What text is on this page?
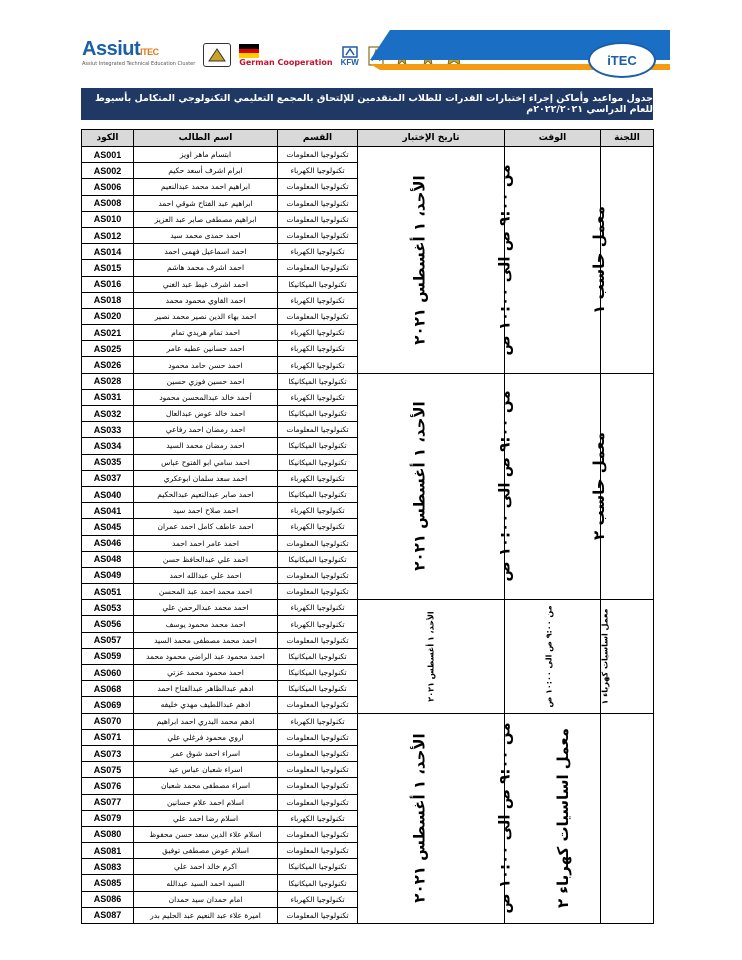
AssiutITEC
Assiut Integrated Technical Education Cluster	German Cooperation KFW	iTEC
جدول مواعيد وأماكن إجراء إختبارات القدرات للطلاب المتقدمين للإلتحاق بالمجمع التعليمي التكنولوجي المتكامل بأسيوط للعام الدراسي ٢٠٢٢/٢٠٢١م
الكود	اسم الطالب	القسم	تاريخ الإختبار	الوقت	اللجنة
AS001	ابتسام ماهر اويز	تكنولوجيا المعلومات	الأحد، ١ أغسطس ٢٠٢١	من ٩:٠٠ ص الى ١٠:٠٠ ص	معمل حاسب ١
AS002	ابرام اشرف أسعد حكيم	تكنولوجيا الكهرباء			
AS006	ابراهيم احمد محمد عبدالنعيم	تكنولوجيا المعلومات			
AS008	ابراهيم عبد الفتاح شوقي احمد	تكنولوجيا المعلومات			
AS010	ابراهيم مصطفى صابر عبد العزيز	تكنولوجيا المعلومات			
AS012	احمد حمدى محمد سيد	تكنولوجيا المعلومات			
AS014	احمد اسماعيل فهمى احمد	تكنولوجيا الكهرباء			
AS015	احمد اشرف محمد هاشم	تكنولوجيا المعلومات			
AS016	احمد اشرف غيط عبد الغني	تكنولوجيا الميكانيكا			
AS018	احمد القاوي محمود محمد	تكنولوجيا الكهرباء			
AS020	احمد بهاء الدين نصير محمد نصير	تكنولوجيا المعلومات			
AS021	احمد تمام هريدي تمام	تكنولوجيا الكهرباء			
AS025	احمد حسانين عطيه عامر	تكنولوجيا الكهرباء			
AS026	احمد حسن حامد محمود	تكنولوجيا الكهرباء			
AS028	احمد حسين فوزي حسين	تكنولوجيا الميكانيكا	الأحد، ١ أغسطس ٢٠٢١	من ٩:٠٠ ص الى ١٠:٠٠ ص	معمل حاسب ٢
AS031	أحمد خالد عبدالمحسن محمود	تكنولوجيا الكهرباء			
AS032	احمد خالد عوض عبدالعال	تكنولوجيا الميكانيكا			
AS033	احمد رمضان احمد رفاعي	تكنولوجيا المعلومات			
AS034	احمد رمضان محمد السيد	تكنولوجيا الميكانيكا			
AS035	احمد سامي ابو الفتوح عباس	تكنولوجيا الميكانيكا			
AS037	احمد سعد سلمان ابوعكري	تكنولوجيا الكهرباء			
AS040	احمد صابر عبدالنعيم عبدالحكيم	تكنولوجيا الميكانيكا			
AS041	احمد صلاح احمد سيد	تكنولوجيا الكهرباء			
AS045	احمد عاطف كامل احمد عمران	تكنولوجيا الكهرباء			
AS046	احمد عامر احمد احمد	تكنولوجيا المعلومات			
AS048	احمد علي عبدالحافظ حسن	تكنولوجيا الميكانيكا			
AS049	احمد علي عبدالله احمد	تكنولوجيا المعلومات			
AS051	احمد محمد احمد عبد المحسن	تكنولوجيا المعلومات			
AS053	احمد محمد عبدالرحمن علي	تكنولوجيا الكهرباء	الأحد، ١ أغسطس ٢٠٢١	من ٩:٠٠ ص الى ١٠:٠٠ ص	معمل اساسيات كهرباء ١
AS056	احمد محمد محمود يوسف	تكنولوجيا الكهرباء			
AS057	احمد محمد مصطفى محمد السيد	تكنولوجيا المعلومات			
AS059	احمد محمود عبد الراضي محمود محمد	تكنولوجيا الميكانيكا			
AS060	احمد محمود محمد عزتي	تكنولوجيا الميكانيكا			
AS068	ادهم عبدالظاهر عبدالفتاح احمد	تكنولوجيا الميكانيكا			
AS069	ادهم عبداللطيف مهدي خليفه	تكنولوجيا المعلومات			
AS070	ادهم محمد البدري احمد ابراهيم	تكنولوجيا الكهرباء	الأحد، ١ أغسطس ٢٠٢١	من ٩:٠٠ ص الى ١٠:٠٠ ص	معمل اساسيات كهرباء ٢
AS071	اروي محمود فرغلي علي	تكنولوجيا المعلومات			
AS073	اسراء احمد شوق عمر	تكنولوجيا المعلومات			
AS075	اسراء شعبان عباس عيد	تكنولوجيا المعلومات			
AS076	اسراء مصطفى محمد شعبان	تكنولوجيا المعلومات			
AS077	اسلام احمد علام حسانين	تكنولوجيا المعلومات			
AS079	اسلام رضا احمد علي	تكنولوجيا الكهرباء			
AS080	اسلام علاء الدين سعد حسن محفوظ	تكنولوجيا المعلومات			
AS081	اسلام عوض مصطفى توفيق	تكنولوجيا المعلومات			
AS083	اكرم خالد احمد علي	تكنولوجيا الميكانيكا			
AS085	السيد احمد السيد عبدالله	تكنولوجيا الميكانيكا			
AS086	امام حمدان سيد حمدان	تكنولوجيا الكهرباء			
AS087	اميرة علاء عبد النعيم عبد الحليم بدر	تكنولوجيا المعلومات			
